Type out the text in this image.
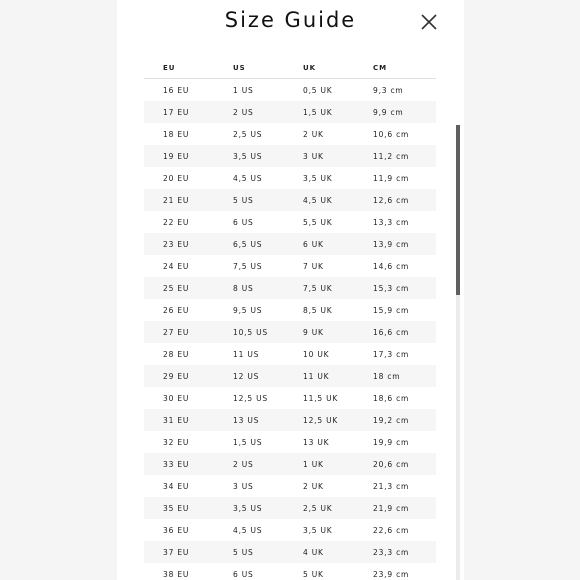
Size Guide
EU	US	UK	CM
16 EU	1 US	0,5 UK	9,3 cm
17 EU	2 US	1,5 UK	9,9 cm
18 EU	2,5 US	2 UK	10,6 cm
19 EU	3,5 US	3 UK	11,2 cm
20 EU	4,5 US	3,5 UK	11,9 cm
21 EU	5 US	4,5 UK	12,6 cm
22 EU	6 US	5,5 UK	13,3 cm
23 EU	6,5 US	6 UK	13,9 cm
24 EU	7,5 US	7 UK	14,6 cm
25 EU	8 US	7,5 UK	15,3 cm
26 EU	9,5 US	8,5 UK	15,9 cm
27 EU	10,5 US	9 UK	16,6 cm
28 EU	11 US	10 UK	17,3 cm
29 EU	12 US	11 UK	18 cm
30 EU	12,5 US	11,5 UK	18,6 cm
31 EU	13 US	12,5 UK	19,2 cm
32 EU	1,5 US	13 UK	19,9 cm
33 EU	2 US	1 UK	20,6 cm
34 EU	3 US	2 UK	21,3 cm
35 EU	3,5 US	2,5 UK	21,9 cm
36 EU	4,5 US	3,5 UK	22,6 cm
37 EU	5 US	4 UK	23,3 cm
38 EU	6 US	5 UK	23,9 cm
